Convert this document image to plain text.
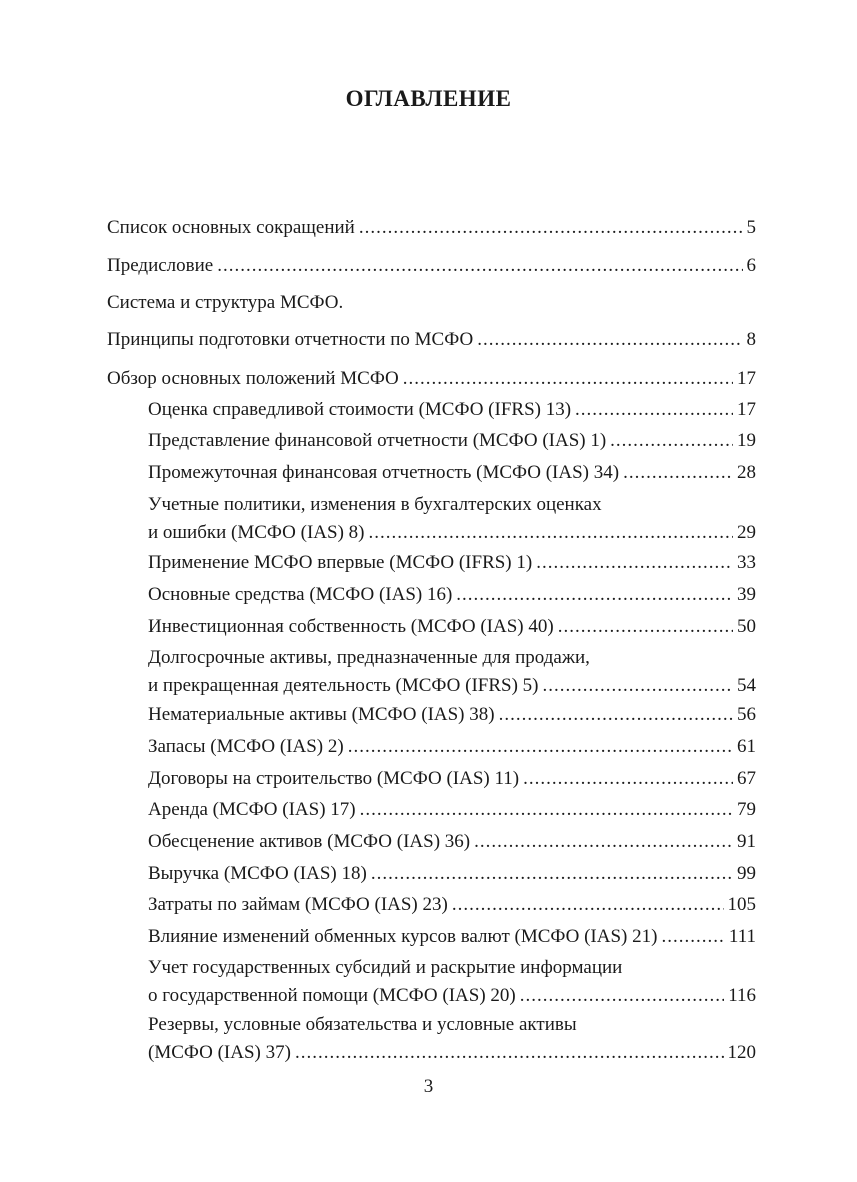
ОГЛАВЛЕНИЕ
Список основных сокращений .....	5
Предисловие .....	6
Система и структура МСФО.
Принципы подготовки отчетности по МСФО .....	8
Обзор основных положений МСФО .....	17
Оценка справедливой стоимости (МСФО (IFRS) 13) .....	17
Представление финансовой отчетности (МСФО (IAS) 1) .....	19
Промежуточная финансовая отчетность (МСФО (IAS) 34) .....	28
Учетные политики, изменения в бухгалтерских оценках
и ошибки (МСФО (IAS) 8) .....	29
Применение МСФО впервые (МСФО (IFRS) 1) .....	33
Основные средства (МСФО (IAS) 16) .....	39
Инвестиционная собственность (МСФО (IAS) 40) .....	50
Долгосрочные активы, предназначенные для продажи,
и прекращенная деятельность (МСФО (IFRS) 5) .....	54
Нематериальные активы (МСФО (IAS) 38) .....	56
Запасы (МСФО (IAS) 2) .....	61
Договоры на строительство (МСФО (IAS) 11) .....	67
Аренда (МСФО (IAS) 17) .....	79
Обесценение активов (МСФО (IAS) 36) .....	91
Выручка (МСФО (IAS) 18) .....	99
Затраты по займам (МСФО (IAS) 23) .....	105
Влияние изменений обменных курсов валют (МСФО (IAS) 21) .....	111
Учет государственных субсидий и раскрытие информации
о государственной помощи (МСФО (IAS) 20) .....	116
Резервы, условные обязательства и условные активы
(МСФО (IAS) 37) .....	120
3
